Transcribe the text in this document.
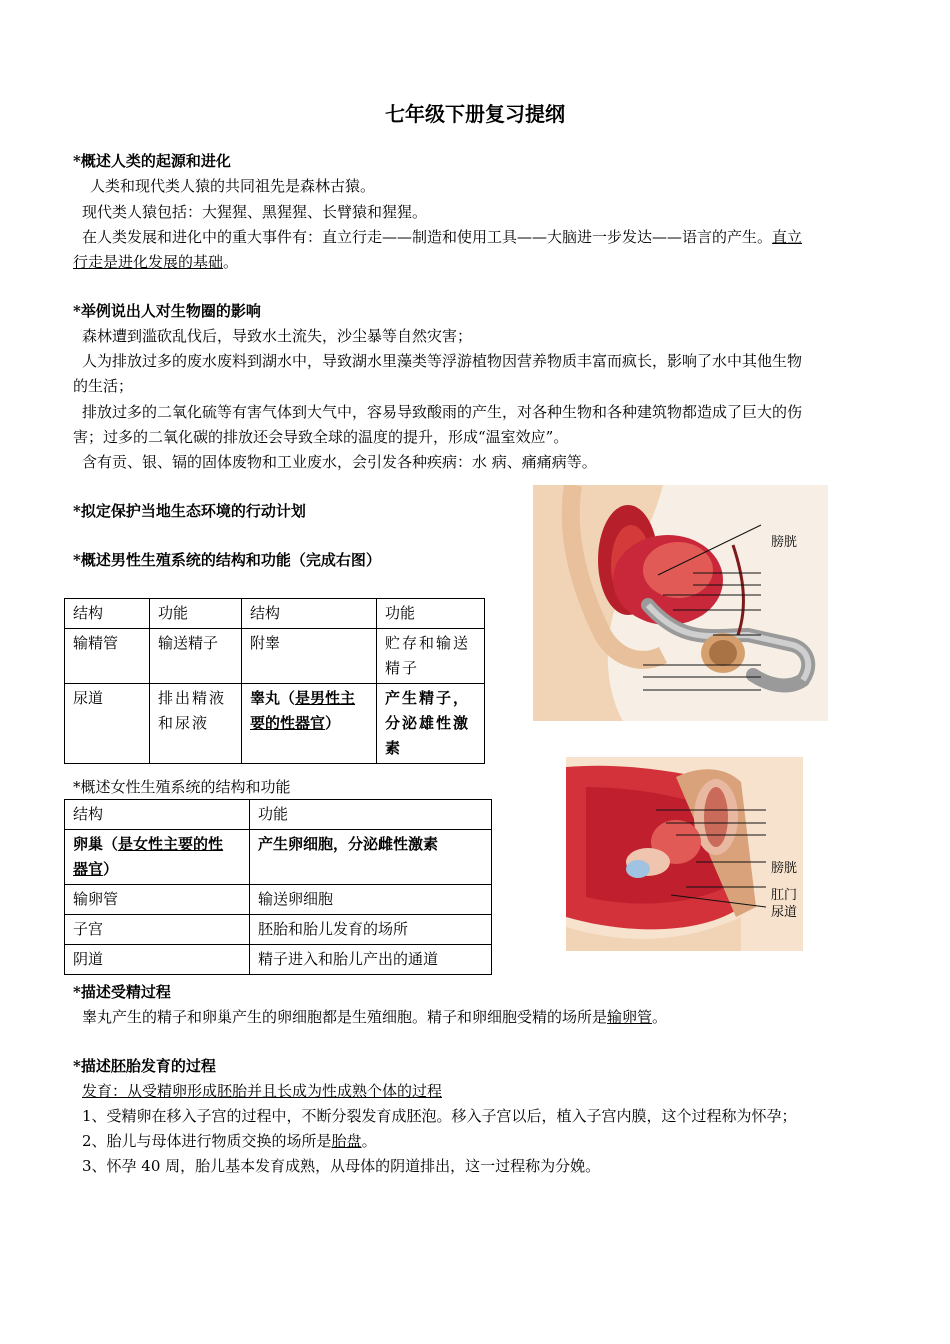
七年级下册复习提纲
*概述人类的起源和进化
人类和现代类人猿的共同祖先是森林古猿。
现代类人猿包括：大猩猩、黑猩猩、长臂猿和猩猩。
在人类发展和进化中的重大事件有：直立行走——制造和使用工具——大脑进一步发达——语言的产生。直立
行走是进化发展的基础。
*举例说出人对生物圈的影响
森林遭到滥砍乱伐后，导致水土流失，沙尘暴等自然灾害；
人为排放过多的废水废料到湖水中，导致湖水里藻类等浮游植物因营养物质丰富而疯长，影响了水中其他生物
的生活；
排放过多的二氧化硫等有害气体到大气中，容易导致酸雨的产生，对各种生物和各种建筑物都造成了巨大的伤
害；过多的二氧化碳的排放还会导致全球的温度的提升，形成“温室效应”。
含有贡、银、镉的固体废物和工业废水，会引发各种疾病：水 病、痛痛病等。
*拟定保护当地生态环境的行动计划
*概述男性生殖系统的结构和功能（完成右图）
结构	功能	结构	功能
输精管	输送精子	附睾	贮存和输送精子
尿道	排出精液和尿液	睾丸（是男性主要的性器官）	产生精子，分泌雄性激素
膀胱
*概述女性生殖系统的结构和功能
结构	功能
卵巢（是女性主要的性
器官）	产生卵细胞，分泌雌性激素
输卵管	输送卵细胞
子宫	胚胎和胎儿发育的场所
阴道	精子进入和胎儿产出的通道
膀胱
肛门
尿道
*描述受精过程
睾丸产生的精子和卵巢产生的卵细胞都是生殖细胞。精子和卵细胞受精的场所是输卵管。
*描述胚胎发育的过程
发育：从受精卵形成胚胎并且长成为性成熟个体的过程
1、受精卵在移入子宫的过程中，不断分裂发育成胚泡。移入子宫以后，植入子宫内膜，这个过程称为怀孕；
2、胎儿与母体进行物质交换的场所是胎盘。
3、怀孕 40 周，胎儿基本发育成熟，从母体的阴道排出，这一过程称为分娩。
